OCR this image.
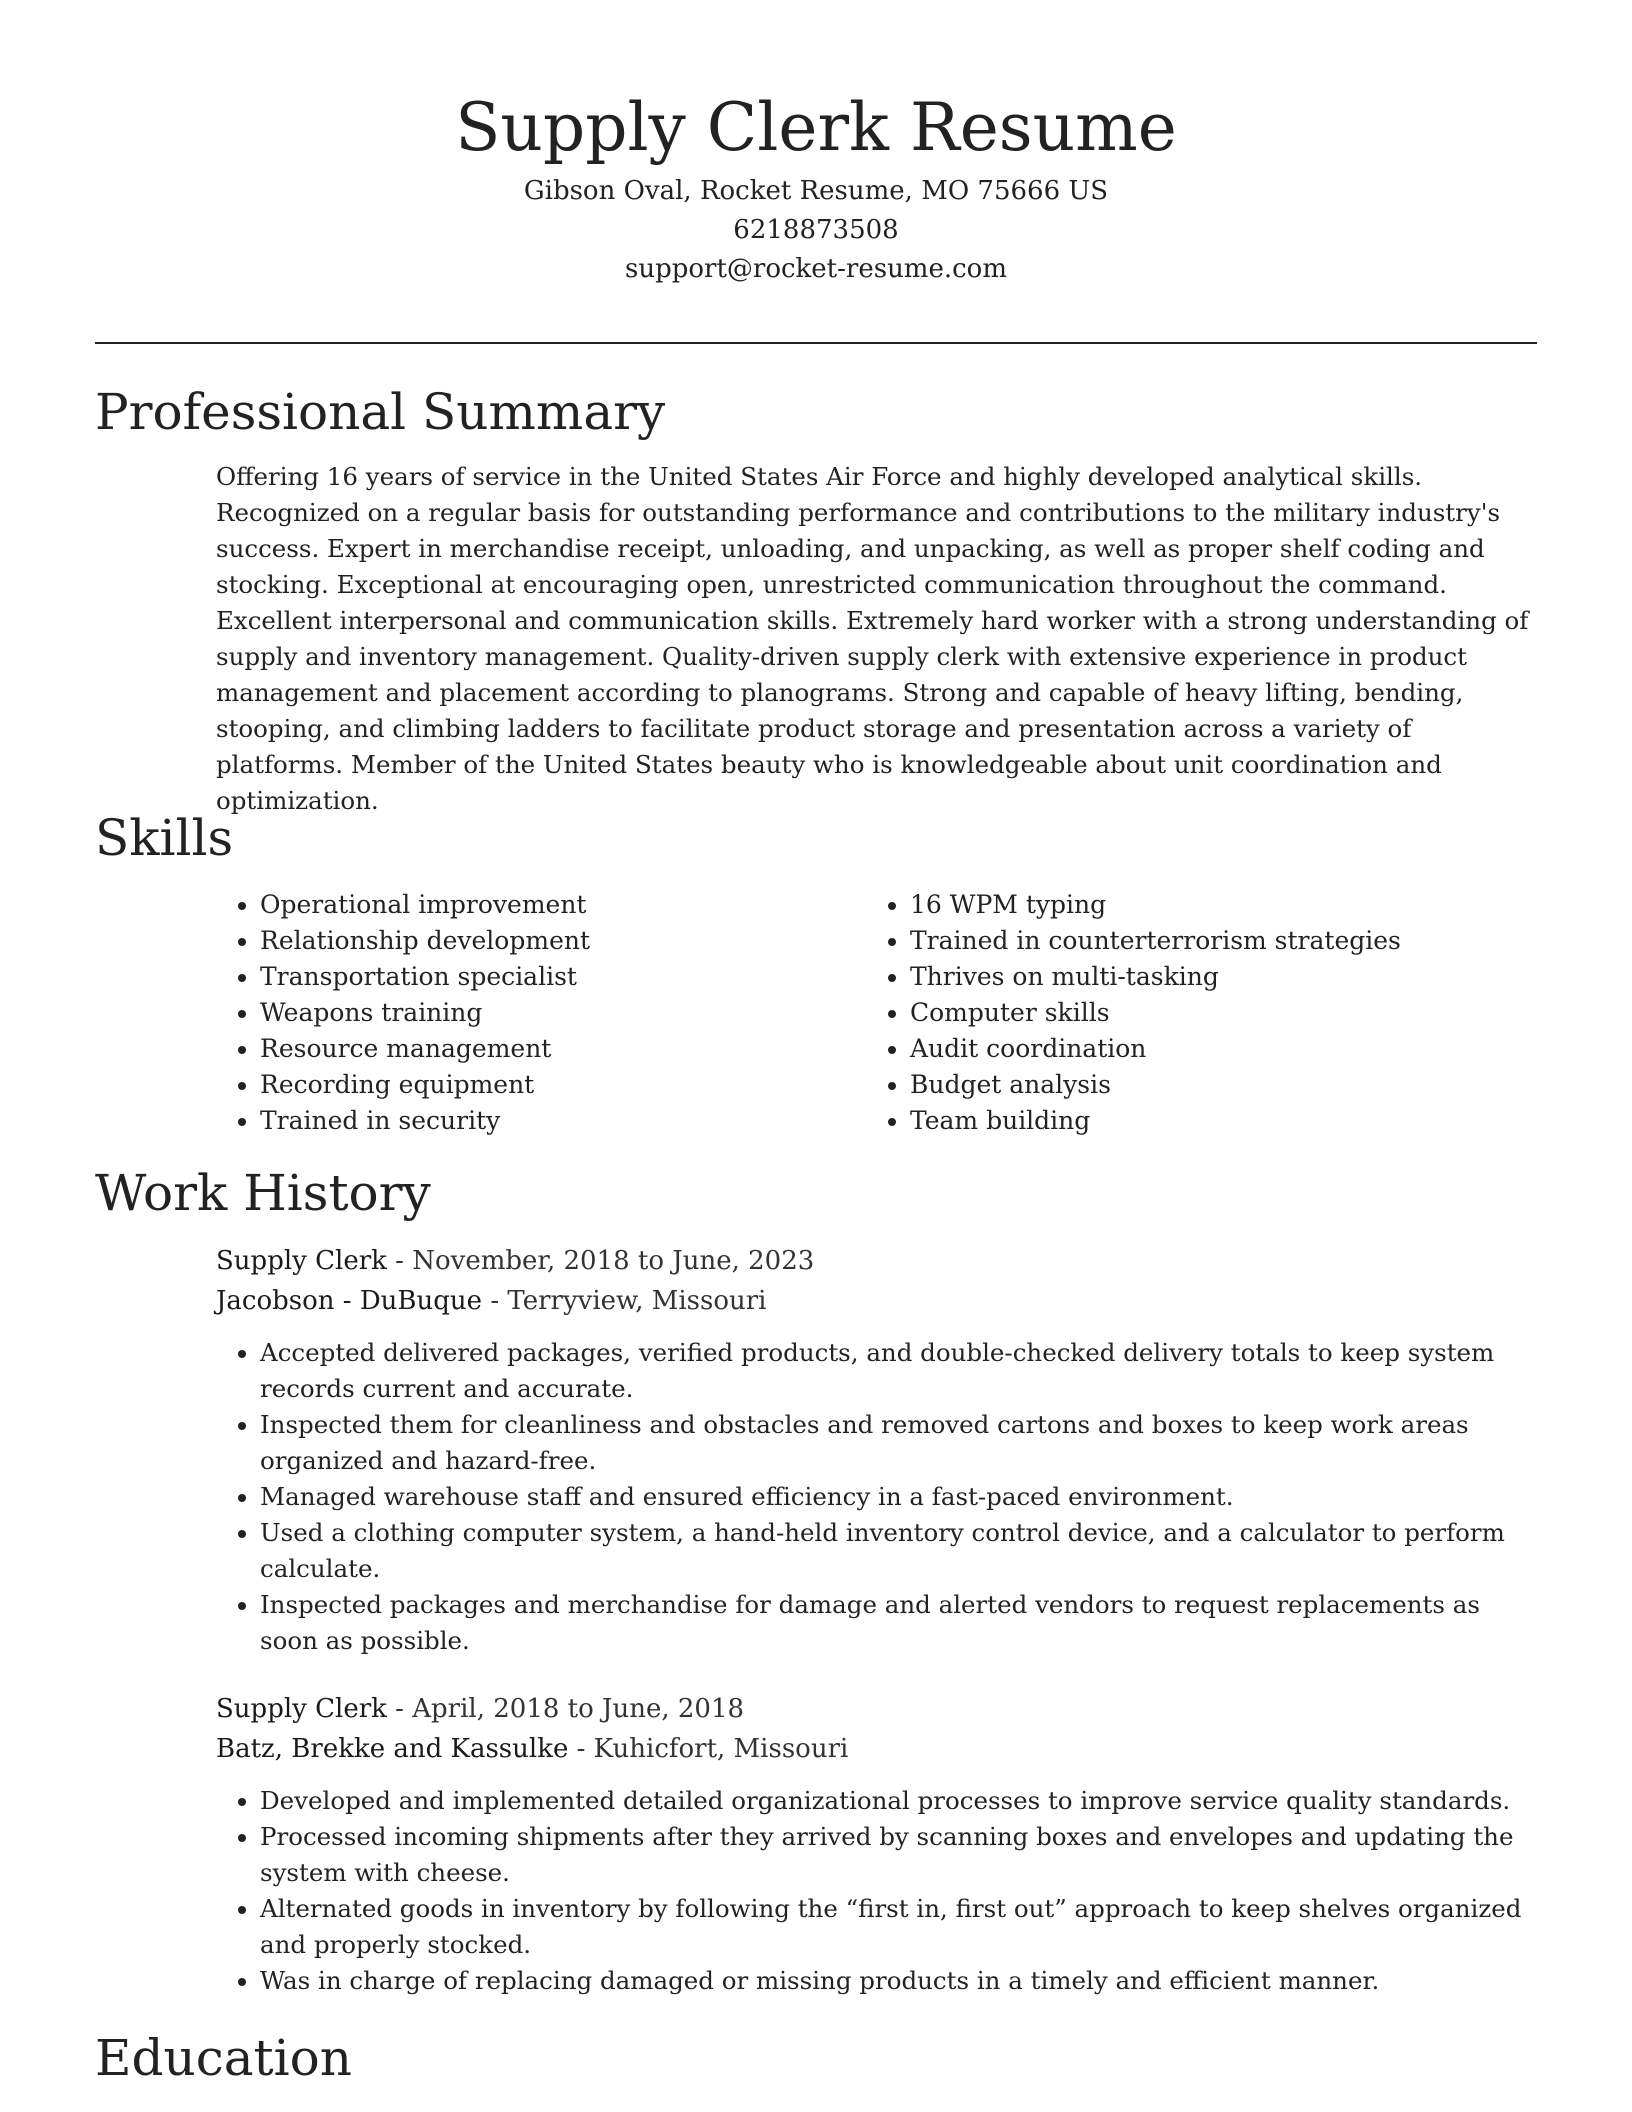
Supply Clerk Resume
Gibson Oval, Rocket Resume, MO 75666 US
6218873508
support@rocket-resume.com
Professional Summary

Offering 16 years of service in the United States Air Force and highly developed analytical skills. Recognized on a regular basis for outstanding performance and contributions to the military industry's success. Expert in merchandise receipt, unloading, and unpacking, as well as proper shelf coding and stocking. Exceptional at encouraging open, unrestricted communication throughout the command. Excellent interpersonal and communication skills. Extremely hard worker with a strong understanding of supply and inventory management. Quality-driven supply clerk with extensive experience in product management and placement according to planograms. Strong and capable of heavy lifting, bending, stooping, and climbing ladders to facilitate product storage and presentation across a variety of platforms. Member of the United States beauty who is knowledgeable about unit coordination and optimization.

Skills
• Operational improvement
• Relationship development
• Transportation specialist
• Weapons training
• Resource management
• Recording equipment
• Trained in security
• 16 WPM typing
• Trained in counterterrorism strategies
• Thrives on multi-tasking
• Computer skills
• Audit coordination
• Budget analysis
• Team building
Work History

Supply Clerk - November, 2018 to June, 2023

Jacobson - DuBuque - Terryview, Missouri

• Accepted delivered packages, verified products, and double-checked delivery totals to keep system records current and accurate.
• Inspected them for cleanliness and obstacles and removed cartons and boxes to keep work areas organized and hazard-free.
• Managed warehouse staff and ensured efficiency in a fast-paced environment.
• Used a clothing computer system, a hand-held inventory control device, and a calculator to perform calculate.
• Inspected packages and merchandise for damage and alerted vendors to request replacements as soon as possible.

Supply Clerk - April, 2018 to June, 2018

Batz, Brekke and Kassulke - Kuhicfort, Missouri

• Developed and implemented detailed organizational processes to improve service quality standards.
• Processed incoming shipments after they arrived by scanning boxes and envelopes and updating the system with cheese.
• Alternated goods in inventory by following the “first in, first out” approach to keep shelves organized and properly stocked.
• Was in charge of replacing damaged or missing products in a timely and efficient manner.
Education
